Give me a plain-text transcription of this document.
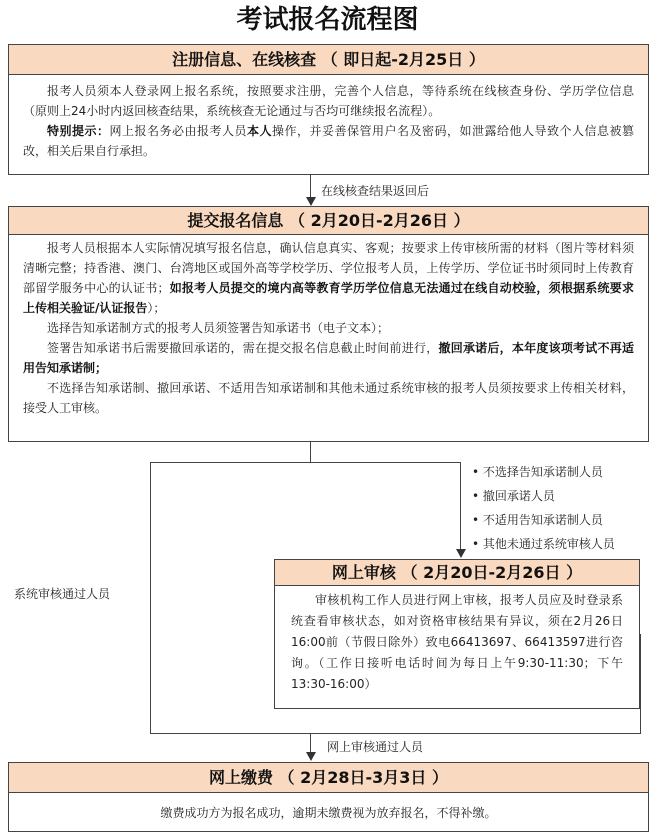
考试报名流程图
注册信息、在线核查 （ 即日起-2月25日 ）

报考人员须本人登录网上报名系统，按照要求注册，完善个人信息，等待系统在线核查身份、学历学位信息（原则上24小时内返回核查结果，系统核查无论通过与否均可继续报名流程）。

特别提示：网上报名务必由报考人员本人操作，并妥善保管用户名及密码，如泄露给他人导致个人信息被篡改，相关后果自行承担。

在线核查结果返回后
提交报名信息 （ 2月20日-2月26日 ）

报考人员根据本人实际情况填写报名信息，确认信息真实、客观；按要求上传审核所需的材料（图片等材料须清晰完整；持香港、澳门、台湾地区或国外高等学校学历、学位报考人员，上传学历、学位证书时须同时上传教育部留学服务中心的认证书；如报考人员提交的境内高等教育学历学位信息无法通过在线自动校验，须根据系统要求上传相关验证/认证报告）；

选择告知承诺制方式的报考人员须签署告知承诺书（电子文本）；

签署告知承诺书后需要撤回承诺的，需在提交报名信息截止时间前进行，撤回承诺后，本年度该项考试不再适用告知承诺制；

不选择告知承诺制、撤回承诺、不适用告知承诺制和其他未通过系统审核的报考人员须按要求上传相关材料，接受人工审核。

系统审核通过人员
• 不选择告知承诺制人员
• 撤回承诺人员
• 不适用告知承诺制人员
• 其他未通过系统审核人员
网上审核 （ 2月20日-2月26日 ）

审核机构工作人员进行网上审核，报考人员应及时登录系统查看审核状态，如对资格审核结果有异议，须在2月26日16:00前（节假日除外）致电66413697、66413597进行咨询。（工作日接听电话时间为每日上午9:30-11:30；下午13:30-16:00）

网上审核通过人员
网上缴费 （ 2月28日-3月3日 ）
缴费成功方为报名成功，逾期未缴费视为放弃报名，不得补缴。
